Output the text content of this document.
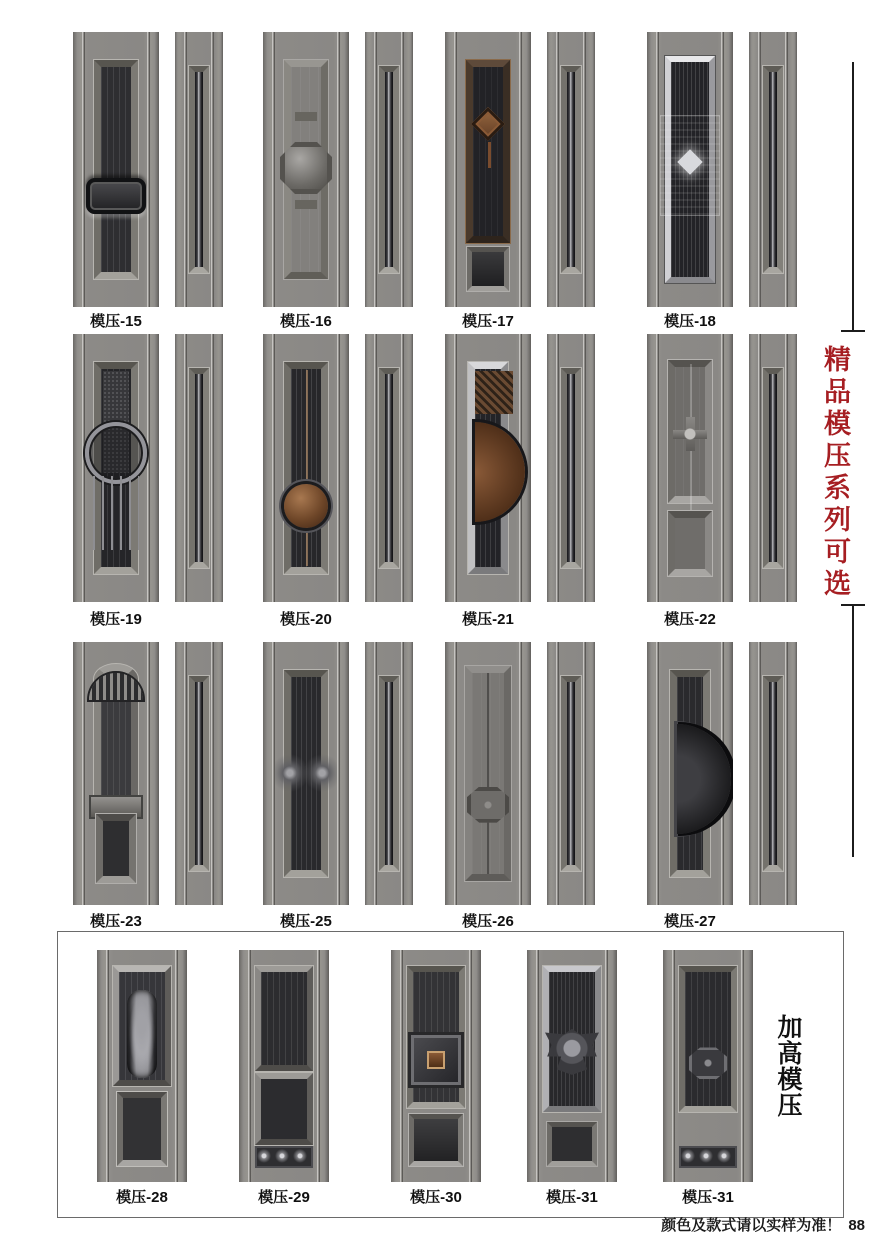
模压-15	模压-16	模压-17	模压-18
模压-19	模压-20	模压-21	模压-22
模压-23	模压-25	模压-26	模压-27
加高模压
模压-28	模压-29	模压-30	模压-31	模压-31
精品模压系列可选
颜色及款式请以实样为准！ 88
